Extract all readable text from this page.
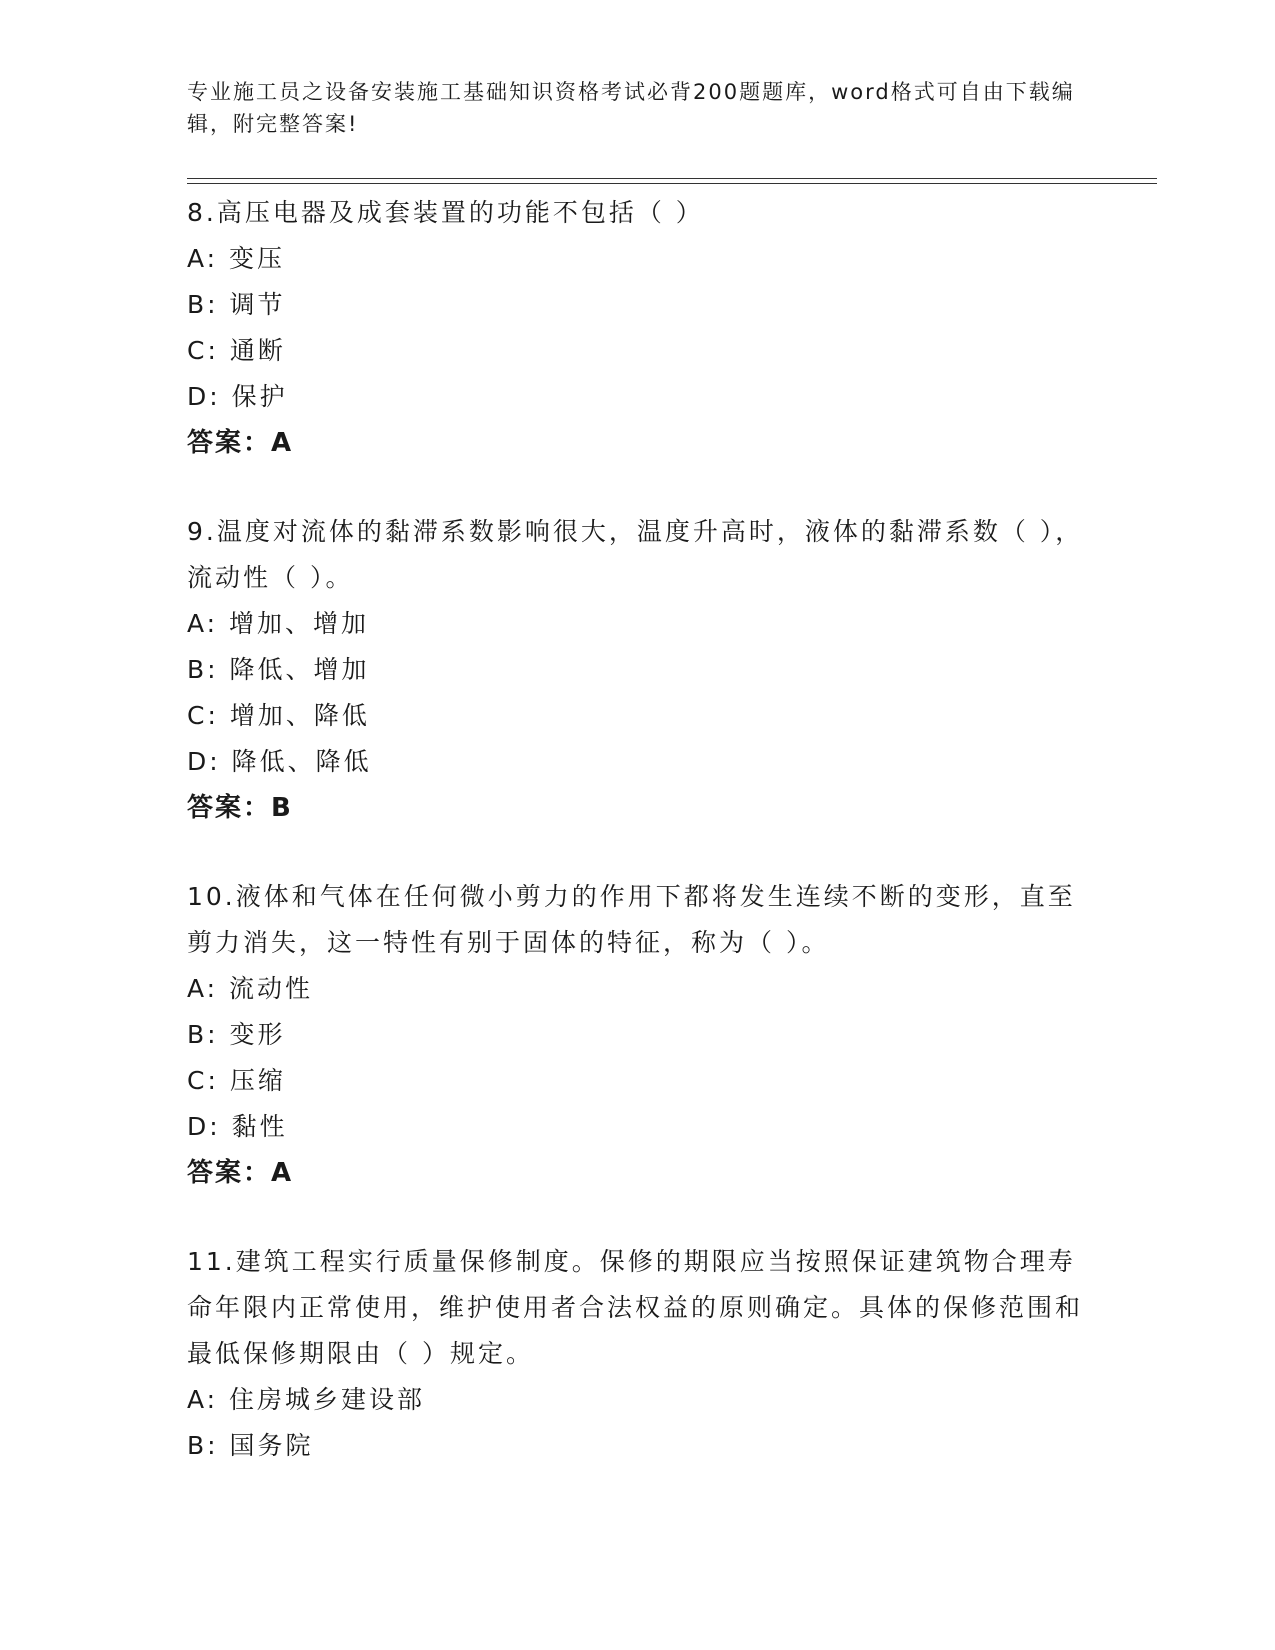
专业施工员之设备安装施工基础知识资格考试必背200题题库，word格式可自由下载编辑，附完整答案!
8.高压电器及成套装置的功能不包括（ ）
A: 变压
B: 调节
C: 通断
D: 保护
答案：A
9.温度对流体的黏滞系数影响很大，温度升高时，液体的黏滞系数（ ），流动性（ ）。
A: 增加、增加
B: 降低、增加
C: 增加、降低
D: 降低、降低
答案：B
10.液体和气体在任何微小剪力的作用下都将发生连续不断的变形，直至剪力消失，这一特性有别于固体的特征，称为（ ）。
A: 流动性
B: 变形
C: 压缩
D: 黏性
答案：A
11.建筑工程实行质量保修制度。保修的期限应当按照保证建筑物合理寿命年限内正常使用，维护使用者合法权益的原则确定。具体的保修范围和最低保修期限由（ ）规定。
A: 住房城乡建设部
B: 国务院
